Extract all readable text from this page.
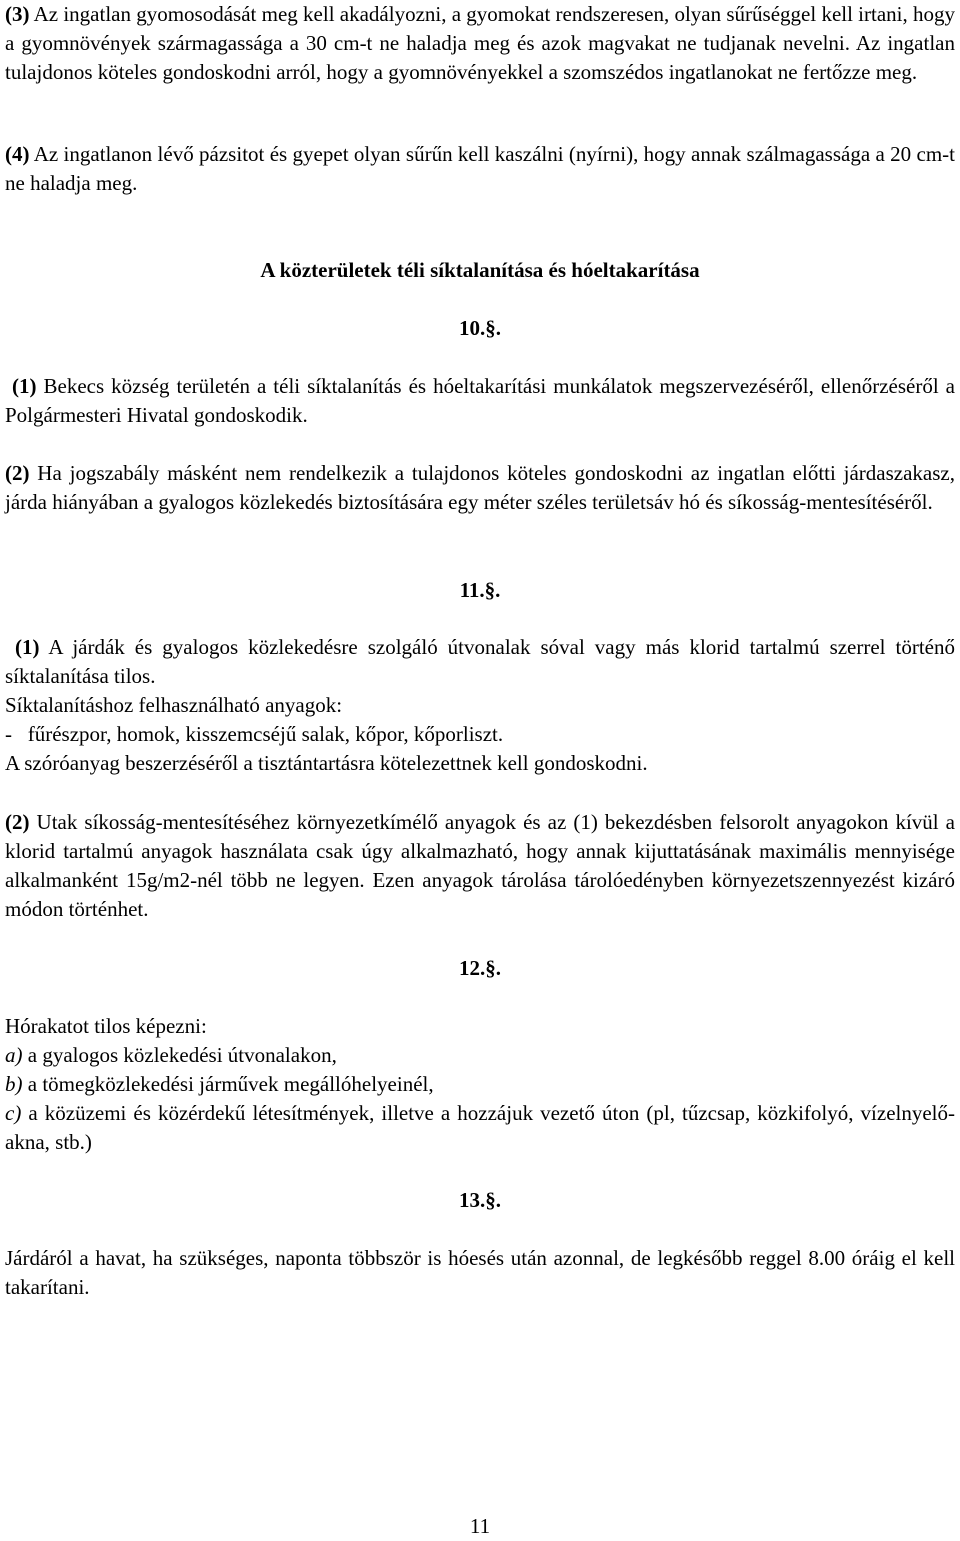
(3) Az ingatlan gyomosodását meg kell akadályozni, a gyomokat rendszeresen, olyan sűrűséggel kell irtani, hogy a gyomnövények szármagassága a 30 cm-t ne haladja meg és azok magvakat ne tudjanak nevelni. Az ingatlan tulajdonos köteles gondoskodni arról, hogy a gyomnövényekkel a szomszédos ingatlanokat ne fertőzze meg.

(4) Az ingatlanon lévő pázsitot és gyepet olyan sűrűn kell kaszálni (nyírni), hogy annak szálmagassága a 20 cm-t ne haladja meg.

A közterületek téli síktalanítása és hóeltakarítása

10.§.

(1) Bekecs község területén a téli síktalanítás és hóeltakarítási munkálatok megszervezéséről, ellenőrzéséről a Polgármesteri Hivatal gondoskodik.

(2) Ha jogszabály másként nem rendelkezik a tulajdonos köteles gondoskodni az ingatlan előtti járdaszakasz, járda hiányában a gyalogos közlekedés biztosítására egy méter széles területsáv hó és síkosság-mentesítéséről.

11.§.

(1) A járdák és gyalogos közlekedésre szolgáló útvonalak sóval vagy más klorid tartalmú szerrel történő síktalanítása tilos.

Síktalanításhoz felhasználható anyagok:

-   fűrészpor, homok, kisszemcséjű salak, kőpor, kőporliszt.

A szóróanyag beszerzéséről a tisztántartásra kötelezettnek kell gondoskodni.

(2) Utak síkosság-mentesítéséhez környezetkímélő anyagok és az (1) bekezdésben felsorolt anyagokon kívül a klorid tartalmú anyagok használata csak úgy alkalmazható, hogy annak kijuttatásának maximális mennyisége alkalmanként 15g/m2-nél több ne legyen. Ezen anyagok tárolása tárolóedényben környezetszennyezést kizáró módon történhet.

12.§.

Hórakatot tilos képezni:

a) a gyalogos közlekedési útvonalakon,

b) a tömegközlekedési járművek megállóhelyeinél,

c) a közüzemi és közérdekű létesítmények, illetve a hozzájuk vezető úton (pl, tűzcsap, közkifolyó, vízelnyelő-akna, stb.)

13.§.

Járdáról a havat, ha szükséges, naponta többször is hóesés után azonnal, de legkésőbb reggel 8.00 óráig el kell takarítani.

11
